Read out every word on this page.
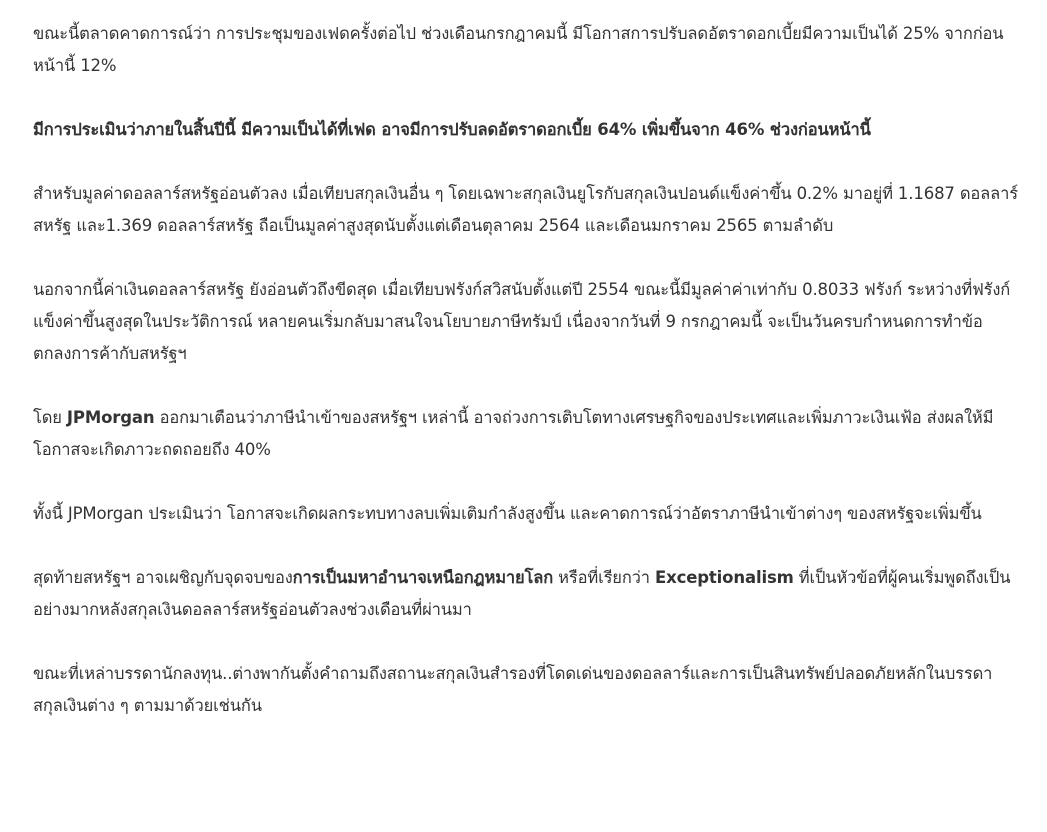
ขณะนี้ตลาดคาดการณ์ว่า การประชุมของเฟดครั้งต่อไป ช่วงเดือนกรกฎาคมนี้ มีโอกาสการปรับลดอัตราดอกเบี้ยมีความเป็นได้ 25% จากก่อนหน้านี้ 12%

มีการประเมินว่าภายในสิ้นปีนี้ มีความเป็นได้ที่เฟด อาจมีการปรับลดอัตราดอกเบี้ย 64% เพิ่มขึ้นจาก 46% ช่วงก่อนหน้านี้

สำหรับมูลค่าดอลลาร์สหรัฐอ่อนตัวลง เมื่อเทียบสกุลเงินอื่น ๆ โดยเฉพาะสกุลเงินยูโรกับสกุลเงินปอนด์แข็งค่าขึ้น 0.2% มาอยู่ที่ 1.1687 ดอลลาร์สหรัฐ และ1.369 ดอลลาร์สหรัฐ ถือเป็นมูลค่าสูงสุดนับตั้งแต่เดือนตุลาคม 2564 และเดือนมกราคม 2565 ตามลำดับ

นอกจากนี้ค่าเงินดอลลาร์สหรัฐ ยังอ่อนตัวถึงขีดสุด เมื่อเทียบฟรังก์สวิสนับตั้งแต่ปี 2554 ขณะนี้มีมูลค่าค่าเท่ากับ 0.8033 ฟรังก์ ระหว่างที่ฟรังก์แข็งค่าขึ้นสูงสุดในประวัติการณ์ หลายคนเริ่มกลับมาสนใจนโยบายภาษีทรัมป์ เนื่องจากวันที่ 9 กรกฎาคมนี้ จะเป็นวันครบกำหนดการทำข้อตกลงการค้ากับสหรัฐฯ

โดย JPMorgan ออกมาเตือนว่าภาษีนำเข้าของสหรัฐฯ เหล่านี้ อาจถ่วงการเติบโตทางเศรษฐกิจของประเทศและเพิ่มภาวะเงินเฟ้อ ส่งผลให้มีโอกาสจะเกิดภาวะถดถอยถึง 40%

ทั้งนี้ JPMorgan ประเมินว่า โอกาสจะเกิดผลกระทบทางลบเพิ่มเติมกำลังสูงขึ้น และคาดการณ์ว่าอัตราภาษีนำเข้าต่างๆ ของสหรัฐจะเพิ่มขึ้น

สุดท้ายสหรัฐฯ อาจเผชิญกับจุดจบของการเป็นมหาอำนาจเหนือกฎหมายโลก หรือที่เรียกว่า Exceptionalism ที่เป็นหัวข้อที่ผู้คนเริ่มพูดถึงเป็นอย่างมากหลังสกุลเงินดอลลาร์สหรัฐอ่อนตัวลงช่วงเดือนที่ผ่านมา

ขณะที่เหล่าบรรดานักลงทุน..ต่างพากันตั้งคำถามถึงสถานะสกุลเงินสำรองที่โดดเด่นของดอลลาร์และการเป็นสินทรัพย์ปลอดภัยหลักในบรรดาสกุลเงินต่าง ๆ ตามมาด้วยเช่นกัน
